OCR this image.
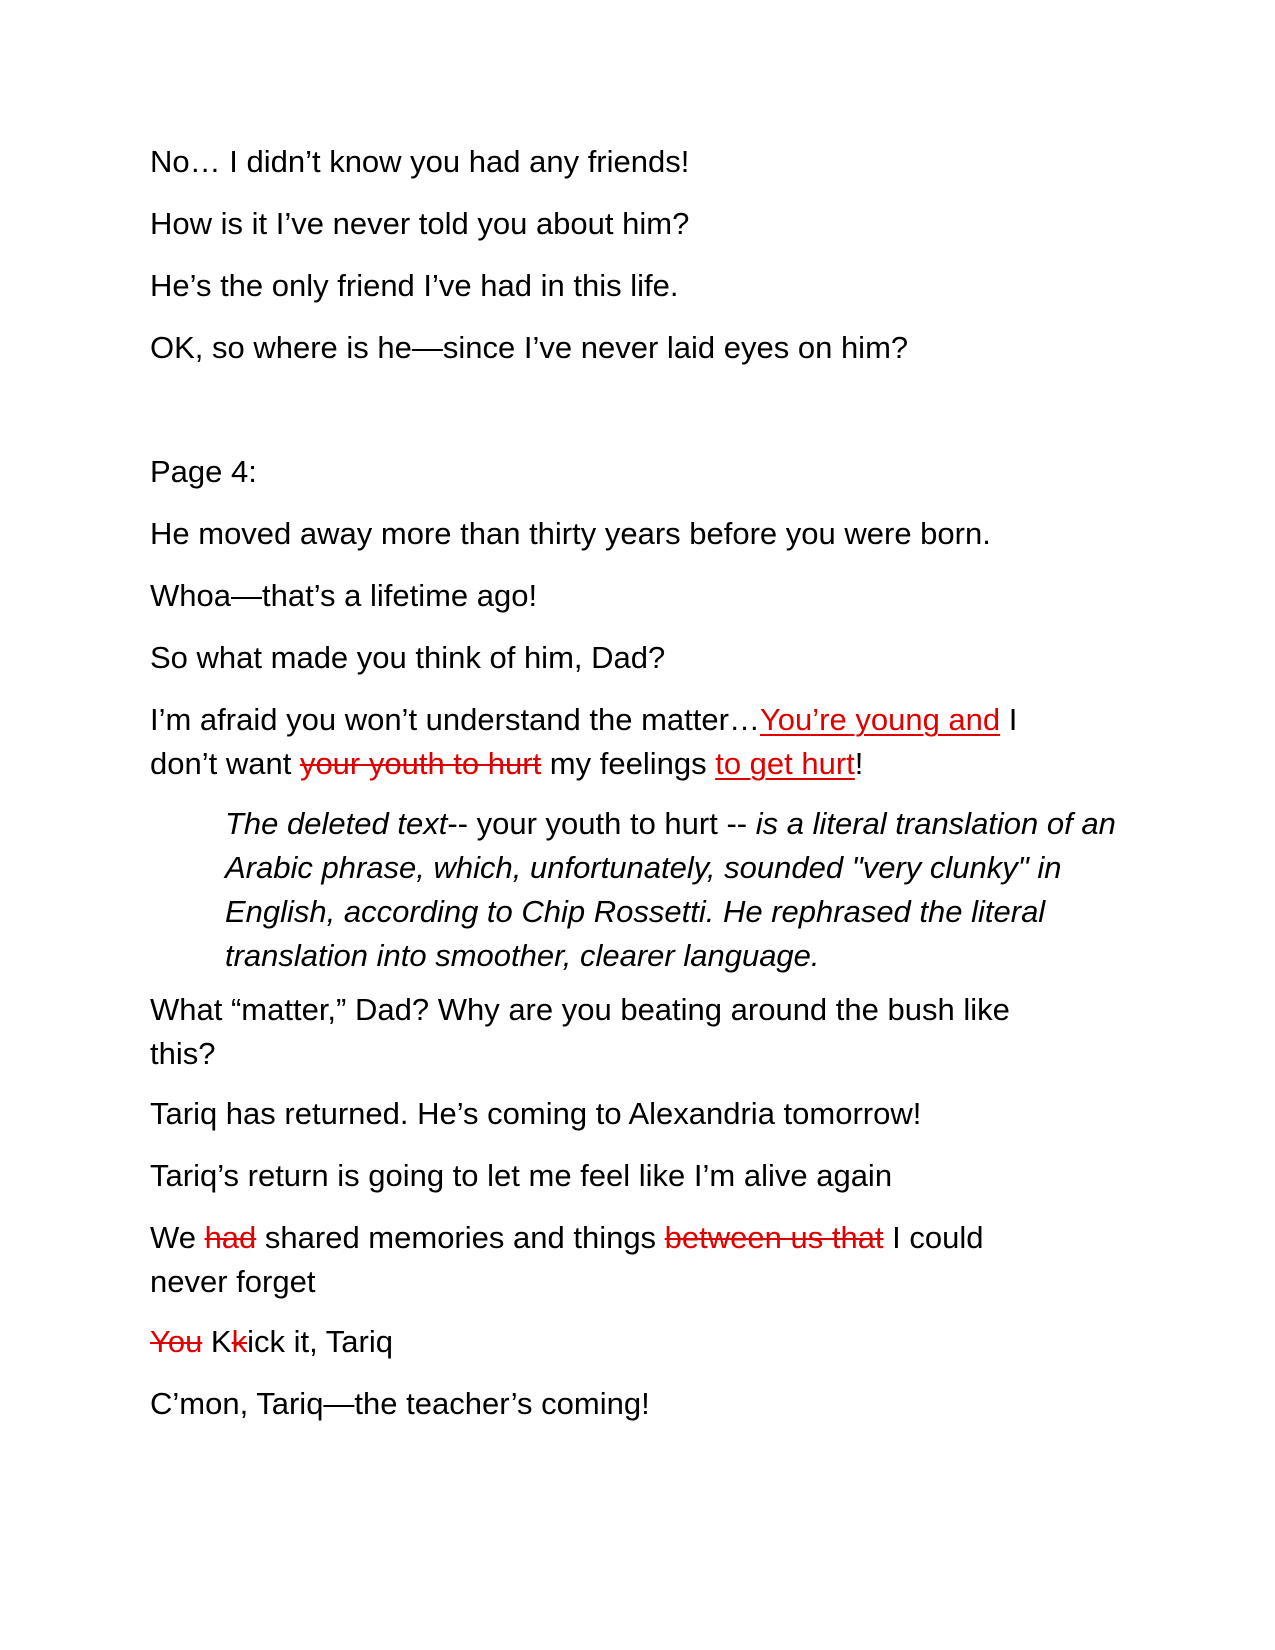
No… I didn’t know you had any friends!

How is it I’ve never told you about him?

He’s the only friend I’ve had in this life.

OK, so where is he—since I’ve never laid eyes on him?

Page 4:

He moved away more than thirty years before you were born.

Whoa—that’s a lifetime ago!

So what made you think of him, Dad?

I’m afraid you won’t understand the matter…You’re young and I don’t want your youth to hurt my feelings to get hurt!

The deleted text-- your youth to hurt -- is a literal translation of an Arabic phrase, which, unfortunately, sounded "very clunky" in English, according to Chip Rossetti. He rephrased the literal translation into smoother, clearer language.

What “matter,” Dad? Why are you beating around the bush like this?

Tariq has returned. He’s coming to Alexandria tomorrow!

Tariq’s return is going to let me feel like I’m alive again

We had shared memories and things between us that I could never forget

You Kkick it, Tariq

C’mon, Tariq—the teacher’s coming!
